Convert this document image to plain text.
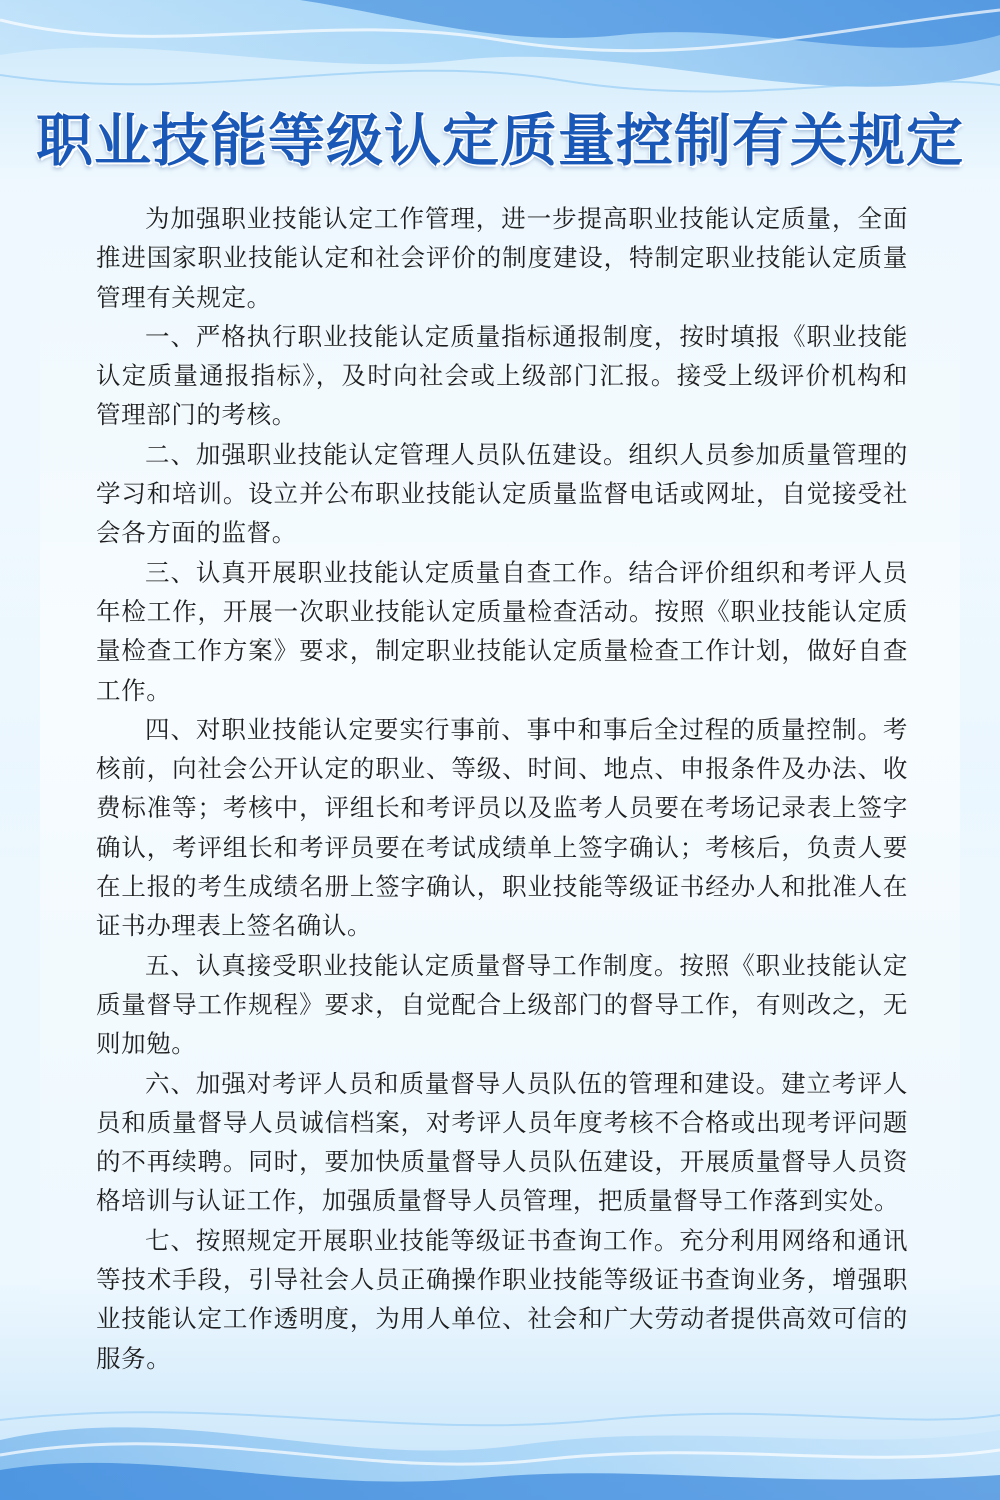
职业技能等级认定质量控制有关规定

为加强职业技能认定工作管理，进一步提高职业技能认定质量，全面推进国家职业技能认定和社会评价的制度建设，特制定职业技能认定质量管理有关规定。

一、严格执行职业技能认定质量指标通报制度，按时填报《职业技能认定质量通报指标》，及时向社会或上级部门汇报。接受上级评价机构和管理部门的考核。

二、加强职业技能认定管理人员队伍建设。组织人员参加质量管理的学习和培训。设立并公布职业技能认定质量监督电话或网址，自觉接受社会各方面的监督。

三、认真开展职业技能认定质量自查工作。结合评价组织和考评人员年检工作，开展一次职业技能认定质量检查活动。按照《职业技能认定质量检查工作方案》要求，制定职业技能认定质量检查工作计划，做好自查工作。

四、对职业技能认定要实行事前、事中和事后全过程的质量控制。考核前，向社会公开认定的职业、等级、时间、地点、申报条件及办法、收费标准等；考核中，评组长和考评员以及监考人员要在考场记录表上签字确认，考评组长和考评员要在考试成绩单上签字确认；考核后，负责人要在上报的考生成绩名册上签字确认，职业技能等级证书经办人和批准人在证书办理表上签名确认。

五、认真接受职业技能认定质量督导工作制度。按照《职业技能认定质量督导工作规程》要求，自觉配合上级部门的督导工作，有则改之，无则加勉。

六、加强对考评人员和质量督导人员队伍的管理和建设。建立考评人员和质量督导人员诚信档案，对考评人员年度考核不合格或出现考评问题的不再续聘。同时，要加快质量督导人员队伍建设，开展质量督导人员资格培训与认证工作，加强质量督导人员管理，把质量督导工作落到实处。

七、按照规定开展职业技能等级证书查询工作。充分利用网络和通讯等技术手段，引导社会人员正确操作职业技能等级证书查询业务，增强职业技能认定工作透明度，为用人单位、社会和广大劳动者提供高效可信的服务。
